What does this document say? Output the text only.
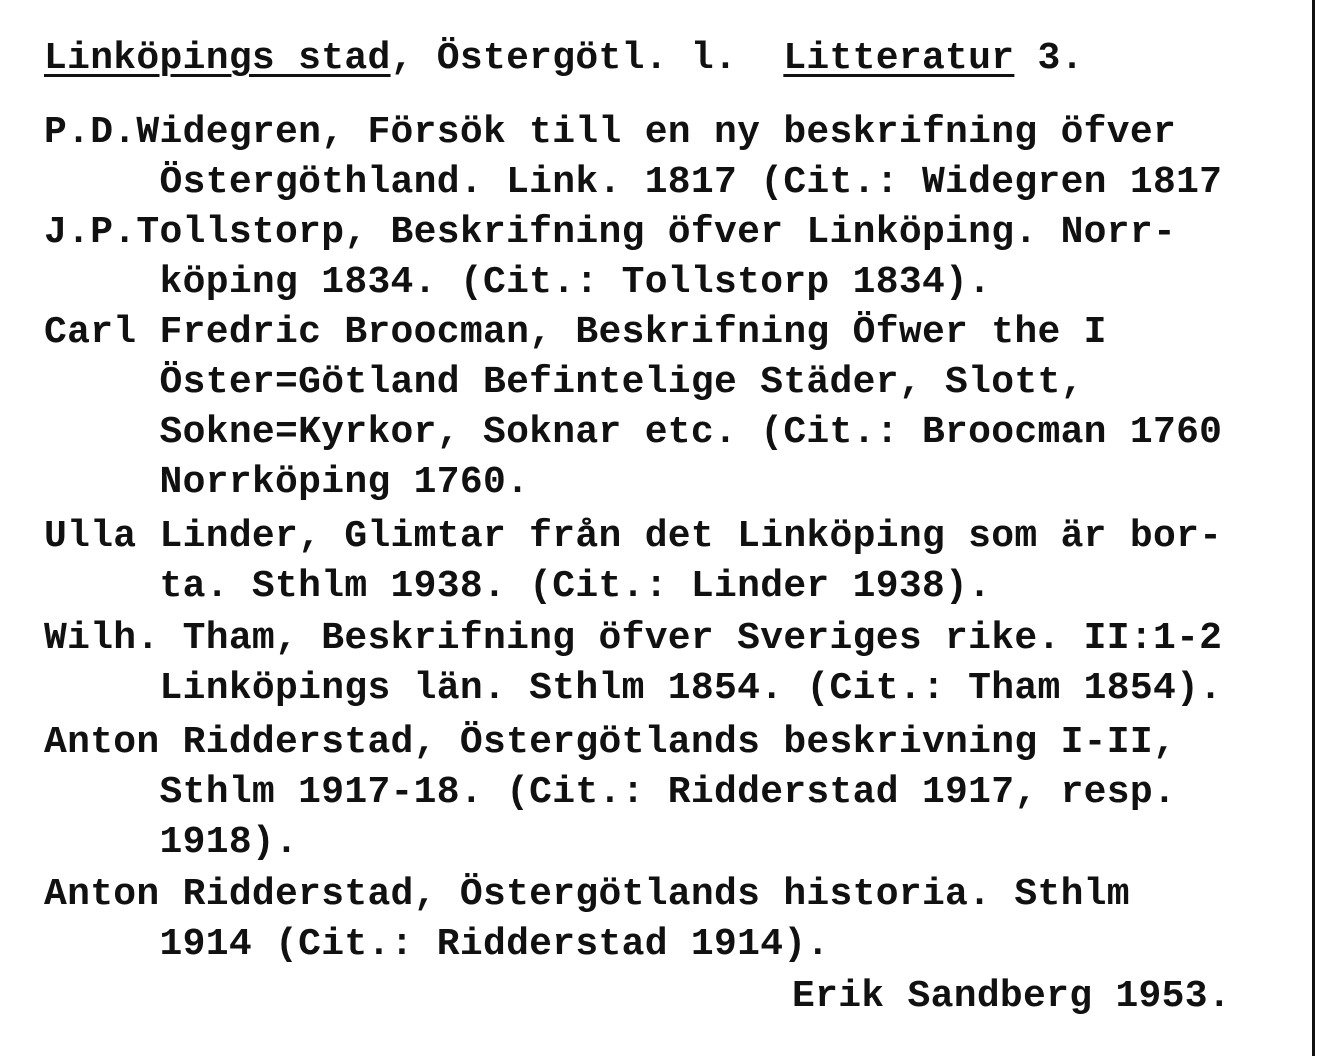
Linköpings stad, Östergötl. l.  Litteratur 3.
P.D.Widegren, Försök till en ny beskrifning öfver
Östergöthland. Link. 1817 (Cit.: Widegren 1817
J.P.Tollstorp, Beskrifning öfver Linköping. Norr-
köping 1834. (Cit.: Tollstorp 1834).
Carl Fredric Broocman, Beskrifning Öfwer the I
Öster=Götland Befintelige Städer, Slott,
Sokne=Kyrkor, Soknar etc. (Cit.: Broocman 1760
Norrköping 1760.
Ulla Linder, Glimtar från det Linköping som är bor-
ta. Sthlm 1938. (Cit.: Linder 1938).
Wilh. Tham, Beskrifning öfver Sveriges rike. II:1-2
Linköpings län. Sthlm 1854. (Cit.: Tham 1854).
Anton Ridderstad, Östergötlands beskrivning I-II,
Sthlm 1917-18. (Cit.: Ridderstad 1917, resp.
1918).
Anton Ridderstad, Östergötlands historia. Sthlm
1914 (Cit.: Ridderstad 1914).
Erik Sandberg 1953.
